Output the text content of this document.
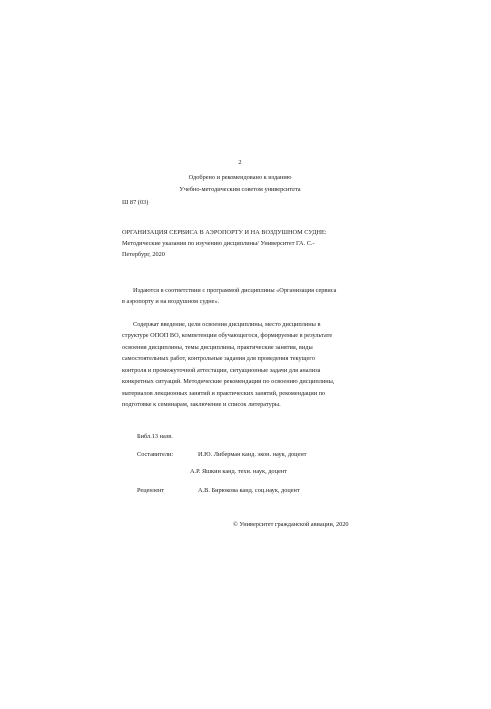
2
Одобрено и рекомендовано к изданию
Учебно-методическим советом университета
Ш 87 (03)
ОРГАНИЗАЦИЯ СЕРВИСА В АЭРОПОРТУ И НА ВОЗДУШНОМ СУДНЕ:
Методические указания по изучению дисциплины/ Университет ГА. С.-
Петербург, 2020
Издаются в соответствии с программой дисциплины «Организация сервиса
в аэропорту и на воздушном судне».
Содержат введение, цели освоения дисциплины, место дисциплины в
структуре ОПОП ВО, компетенции обучающегося, формируемые в результате
освоения дисциплины, темы дисциплины, практические занятия, виды
самостоятельных работ, контрольные задания для проведения текущего
контроля и промежуточной аттестации, ситуационные задачи для анализа
конкретных ситуаций. Методические рекомендации по освоению дисциплины,
материалов лекционных занятий и практических занятий, рекомендации по
подготовке к семинарам, заключение и список литературы.
Библ.13 назв.
Составители:	И.Ю. Либерман канд. экон. наук, доцент
А.Р. Яшкин канд. техн. наук, доцент
Рецензент	А.В. Бирюкова канд. соц.наук, доцент
© Университет гражданской авиации, 2020
